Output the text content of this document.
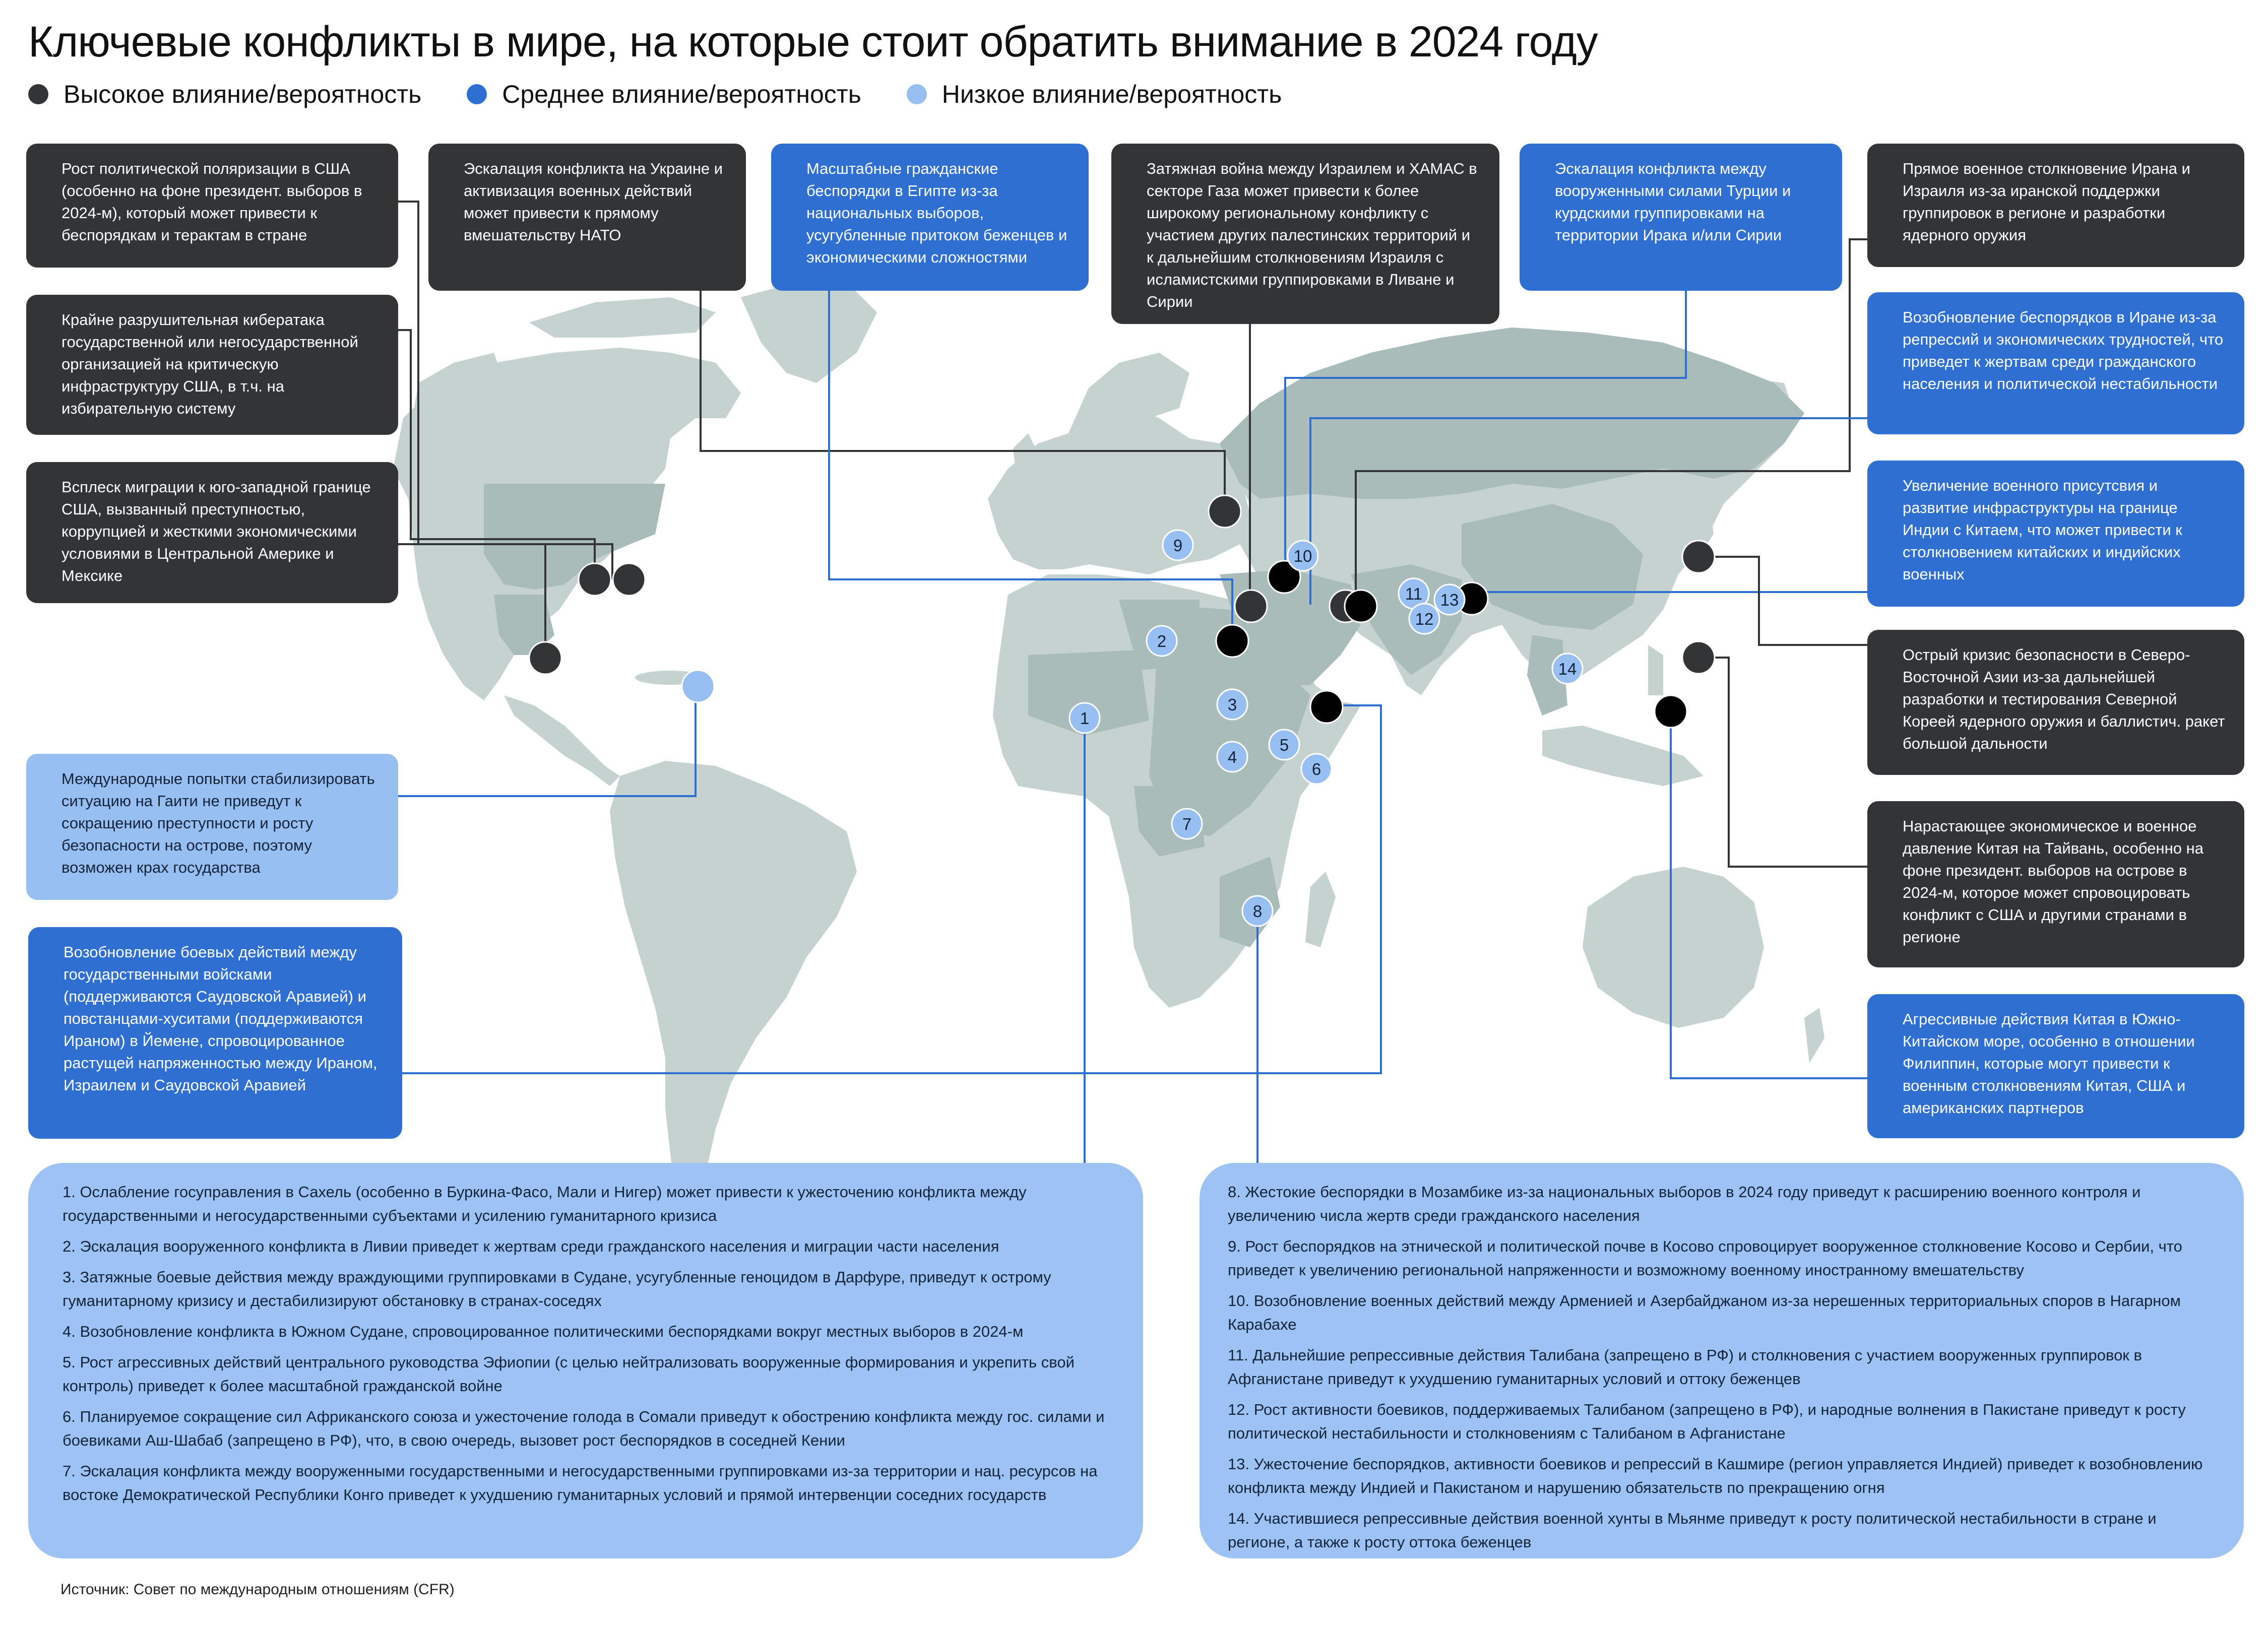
Ключевые конфликты в мире, на которые стоит обратить внимание в 2024 году
Высокое влияние/вероятность	Среднее влияние/вероятность	Низкое влияние/вероятность
1
2
3
4
5
6
7
8
9
10
11
12
13
14
Рост политической поляризации в США (особенно на фоне президент. выборов в 2024-м), который может привести к беспорядкам и терактам в стране
Крайне разрушительная кибератака государственной или негосударственной организацией на критическую инфраструктуру США, в т.ч. на избирательную систему
Всплеск миграции к юго-западной границе США, вызванный преступностью, коррупцией и жесткими экономическими условиями в Центральной Америке и Мексике
Международные попытки стабилизировать ситуацию на Гаити не приведут к сокращению преступности и росту безопасности на острове, поэтому возможен крах государства
Возобновление боевых действий между государственными войсками (поддерживаются Саудовской Аравией) и повстанцами-хуситами (поддерживаются Ираном) в Йемене, спровоцированное растущей напряженностью между Ираном, Израилем и Саудовской Аравией
Эскалация конфликта на Украине и активизация военных действий может привести к прямому вмешательству НАТО
Масштабные гражданские беспорядки в Египте из-за национальных выборов, усугубленные притоком беженцев и экономическими сложностями
Затяжная война между Израилем и ХАМАС в секторе Газа может привести к более широкому региональному конфликту с участием других палестинских территорий и к дальнейшим столкновениям Израиля с исламистскими группировками в Ливане и Сирии
Эскалация конфликта между вооруженными силами Турции и курдскими группировками на территории Ирака и/или Сирии
Прямое военное столкновение Ирана и Израиля из-за иранской поддержки группировок в регионе и разработки ядерного оружия
Возобновление беспорядков в Иране из-за репрессий и экономических трудностей, что приведет к жертвам среди гражданского населения и политической нестабильности
Увеличение военного присутсвия и развитие инфраструктуры на границе Индии с Китаем, что может привести к столкновением китайских и индийских военных
Острый кризис безопасности в Северо-Восточной Азии из-за дальнейшей разработки и тестирования Северной Кореей ядерного оружия и баллистич. ракет большой дальности
Нарастающее экономическое и военное давление Китая на Тайвань, особенно на фоне президент. выборов на острове в 2024-м, которое может спровоцировать конфликт с США и другими странами в регионе
Агрессивные действия Китая в Южно-Китайском море, особенно в отношении Филиппин, которые могут привести к военным столкновениям Китая, США и американских партнеров
1. Ослабление госуправления в Сахель (особенно в Буркина-Фасо, Мали и Нигер) может привести к ужесточению конфликта между государственными и негосударственными субъектами и усилению гуманитарного кризиса
2. Эскалация вооруженного конфликта в Ливии приведет к жертвам среди гражданского населения и миграции части населения
3. Затяжные боевые действия между враждующими группировками в Судане, усугубленные геноцидом в Дарфуре, приведут к острому гуманитарному кризису и дестабилизируют обстановку в странах-соседях
4. Возобновление конфликта в Южном Судане, спровоцированное политическими беспорядками вокруг местных выборов в 2024-м
5. Рост агрессивных действий центрального руководства Эфиопии (с целью нейтрализовать вооруженные формирования и укрепить свой контроль) приведет к более масштабной гражданской войне
6. Планируемое сокращение сил Африканского союза и ужесточение голода в Сомали приведут к обострению конфликта между гос. силами и боевиками Аш-Шабаб (запрещено в РФ), что, в свою очередь, вызовет рост беспорядков в соседней Кении
7. Эскалация конфликта между вооруженными государственными и негосударственными группировками из-за территории и нац. ресурсов на востоке Демократической Республики Конго приведет к ухудшению гуманитарных условий и прямой интервенции соседних государств
8. Жестокие беспорядки в Мозамбике из-за национальных выборов в 2024 году приведут к расширению военного контроля и увеличению числа жертв среди гражданского населения
9. Рост беспорядков на этнической и политической почве в Косово спровоцирует вооруженное столкновение Косово и Сербии, что приведет к увеличению региональной напряженности и возможному военному иностранному вмешательству
10. Возобновление военных действий между Арменией и Азербайджаном из-за нерешенных территориальных споров в Нагарном Карабахе
11. Дальнейшие репрессивные действия Талибана (запрещено в РФ) и столкновения с участием вооруженных группировок в Афганистане приведут к ухудшению гуманитарных условий и оттоку беженцев
12. Рост активности боевиков, поддерживаемых Талибаном (запрещено в РФ), и народные волнения в Пакистане приведут к росту политической нестабильности и столкновениям с Талибаном в Афганистане
13. Ужесточение беспорядков, активности боевиков и репрессий в Кашмире (регион управляется Индией) приведет к возобновлению конфликта между Индией и Пакистаном и нарушению обязательств по прекращению огня
14. Участившиеся репрессивные действия военной хунты в Мьянме приведут к росту политической нестабильности в стране и регионе, а также к росту оттока беженцев
Источник: Совет по международным отношениям (CFR)
